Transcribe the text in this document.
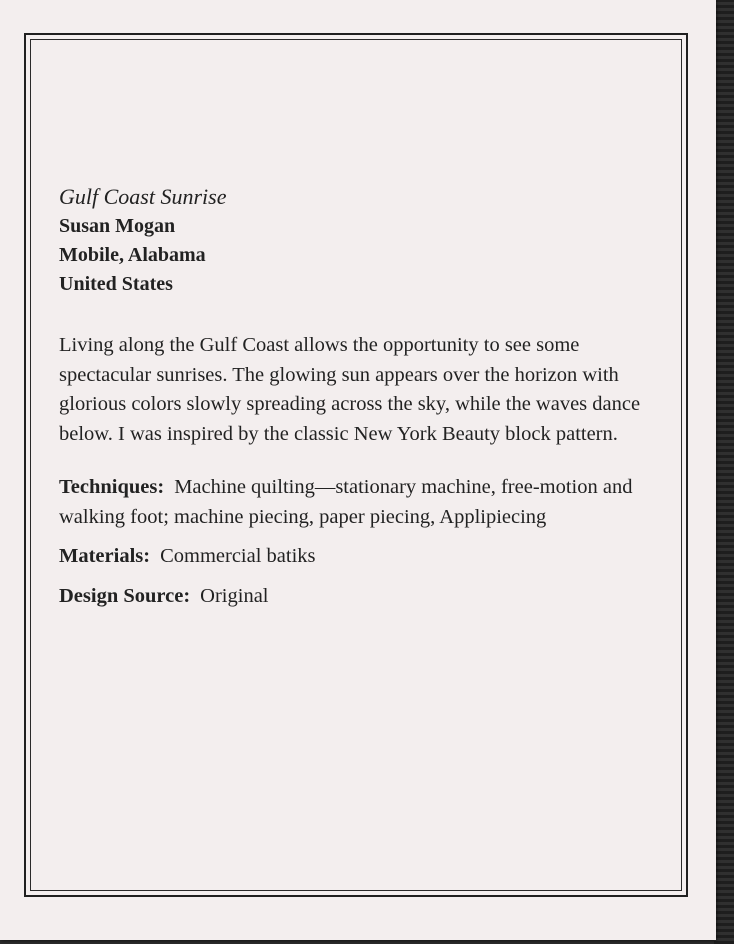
Gulf Coast Sunrise

Susan Mogan

Mobile, Alabama

United States

Living along the Gulf Coast allows the opportunity to see some spectacular sunrises. The glowing sun appears over the horizon with glorious colors slowly spreading across the sky, while the waves dance below. I was inspired by the classic New York Beauty block pattern.

Techniques: Machine quilting—stationary machine, free-motion and walking foot; machine piecing, paper piecing, Applipiecing

Materials: Commercial batiks

Design Source: Original
